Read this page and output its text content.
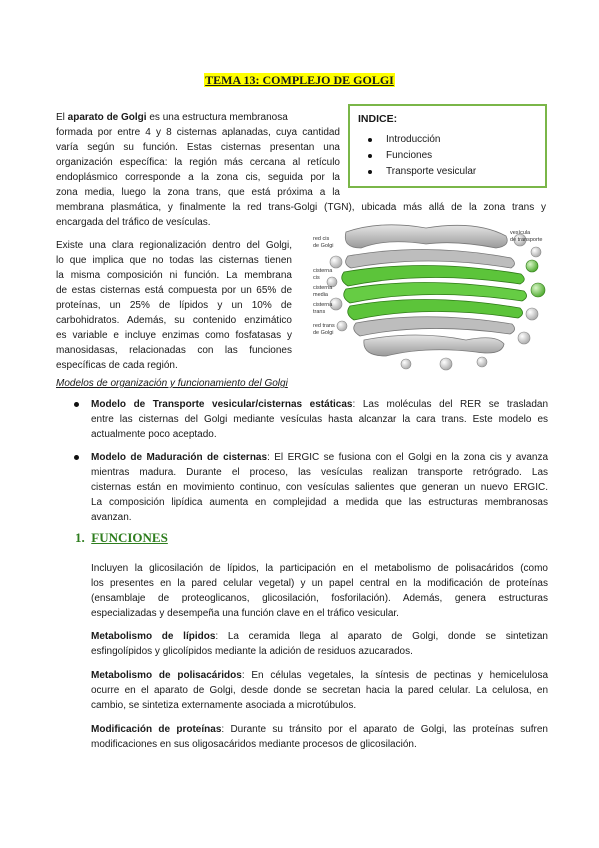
TEMA 13: COMPLEJO DE GOLGI
INDICE:
Introducción
Funciones
Transporte vesicular
El aparato de Golgi es una estructura membranosa
formada por entre 4 y 8 cisternas aplanadas, cuya cantidad
varía según su función. Estas cisternas presentan una
organización específica: la región más cercana al retículo
endoplásmico corresponde a la zona cis, seguida por la
zona media, luego la zona trans, que está próxima a la
membrana plasmática, y finalmente la red trans-Golgi (TGN), ubicada más allá de la zona trans y
encargada del tráfico de vesículas.
Existe una clara regionalización dentro del Golgi,
lo que implica que no todas las cisternas tienen
la misma composición ni función. La membrana
de estas cisternas está compuesta por un 65% de
proteínas, un 25% de lípidos y un 10% de
carbohidratos. Además, su contenido enzimático
es variable e incluye enzimas como fosfatasas y
manosidasas, relacionadas con las funciones
específicas de cada región.
red cis
de Golgi
cisterna
cis
cisterna
media
cisterna
trans
red trans
de Golgi
vesícula
de transporte
Modelos de organización y funcionamiento del Golgi
Modelo de Transporte vesicular/cisternas estáticas: Las moléculas del RER se trasladan
entre las cisternas del Golgi mediante vesículas hasta alcanzar la cara trans. Este modelo es
actualmente poco aceptado.
Modelo de Maduración de cisternas: El ERGIC se fusiona con el Golgi en la zona cis y avanza
mientras madura. Durante el proceso, las vesículas realizan transporte retrógrado. Las
cisternas están en movimiento continuo, con vesículas salientes que generan un nuevo ERGIC.
La composición lipídica aumenta en complejidad a medida que las estructuras membranosas
avanzan.
1. FUNCIONES
Incluyen la glicosilación de lípidos, la participación en el metabolismo de polisacáridos (como
los presentes en la pared celular vegetal) y un papel central en la modificación de proteínas
(ensamblaje de proteoglicanos, glicosilación, fosforilación). Además, genera estructuras
especializadas y desempeña una función clave en el tráfico vesicular.
Metabolismo de lípidos: La ceramida llega al aparato de Golgi, donde se sintetizan
esfingolípidos y glicolípidos mediante la adición de residuos azucarados.
Metabolismo de polisacáridos: En células vegetales, la síntesis de pectinas y hemicelulosa
ocurre en el aparato de Golgi, desde donde se secretan hacia la pared celular. La celulosa, en
cambio, se sintetiza externamente asociada a microtúbulos.
Modificación de proteínas: Durante su tránsito por el aparato de Golgi, las proteínas sufren
modificaciones en sus oligosacáridos mediante procesos de glicosilación.
